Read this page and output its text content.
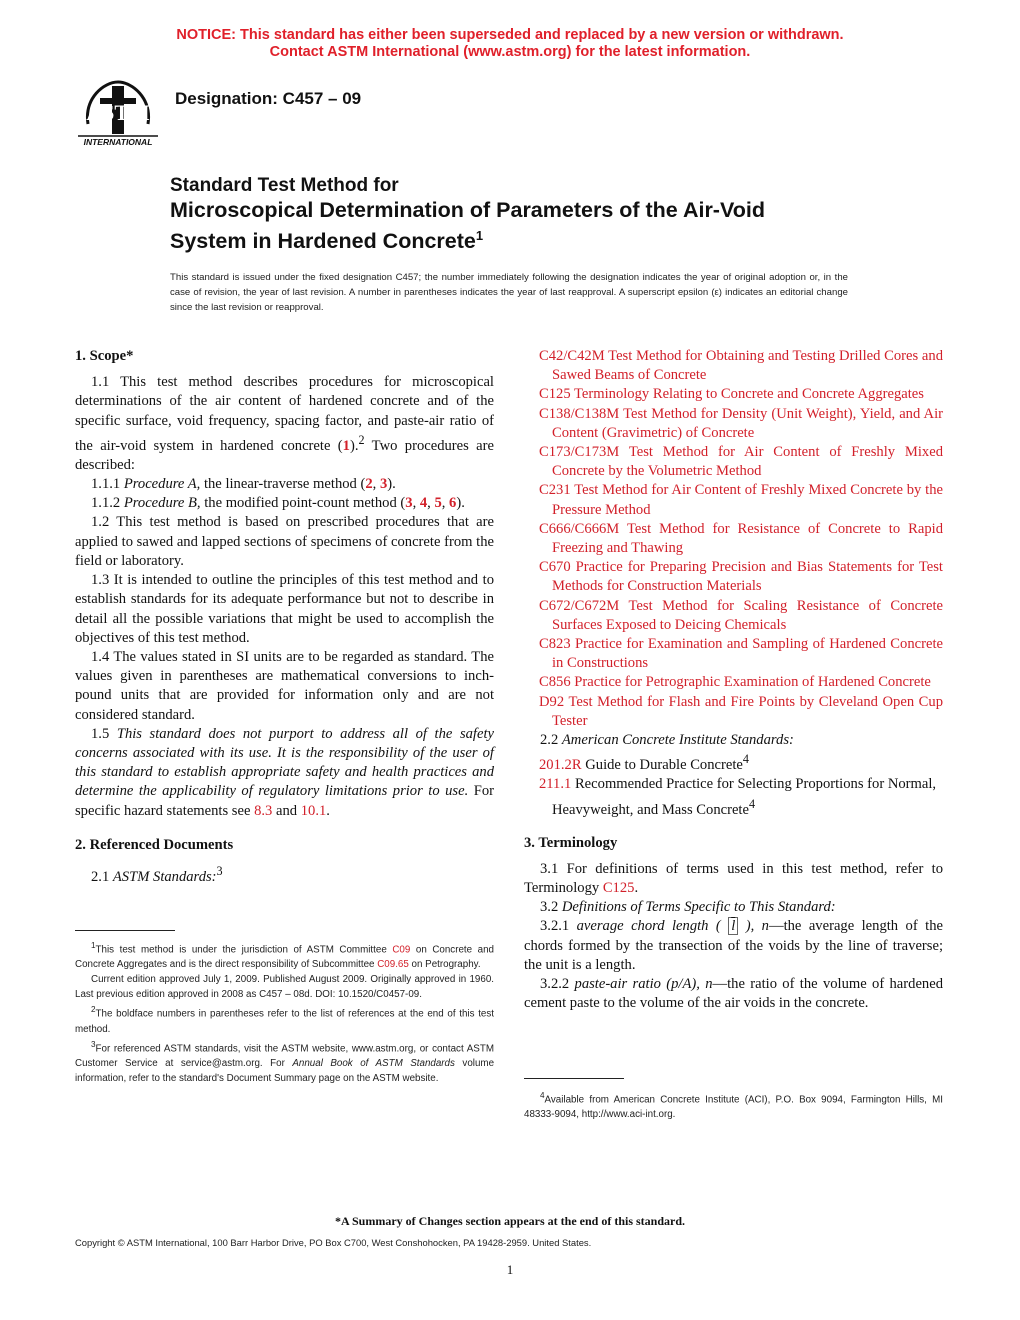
NOTICE: This standard has either been superseded and replaced by a new version or withdrawn.
Contact ASTM International (www.astm.org) for the latest information.
ASTM
INTERNATIONAL
Designation: C457 – 09
Standard Test Method for
Microscopical Determination of Parameters of the Air-Void
System in Hardened Concrete$^1$
This standard is issued under the fixed designation C457; the number immediately following the designation indicates the year of original adoption or, in the case of revision, the year of last revision. A number in parentheses indicates the year of last reapproval. A superscript epsilon (ε) indicates an editorial change since the last revision or reapproval.

1. Scope*

1.1 This test method describes procedures for microscopical determinations of the air content of hardened concrete and of the specific surface, void frequency, spacing factor, and paste-air ratio of the air-void system in hardened concrete (1).$^2$ Two procedures are described:

1.1.1 Procedure A, the linear-traverse method (2, 3).

1.1.2 Procedure B, the modified point-count method (3, 4, 5, 6).

1.2 This test method is based on prescribed procedures that are applied to sawed and lapped sections of specimens of concrete from the field or laboratory.

1.3 It is intended to outline the principles of this test method and to establish standards for its adequate performance but not to describe in detail all the possible variations that might be used to accomplish the objectives of this test method.

1.4 The values stated in SI units are to be regarded as standard. The values given in parentheses are mathematical conversions to inch-pound units that are provided for information only and are not considered standard.

1.5 This standard does not purport to address all of the safety concerns associated with its use. It is the responsibility of the user of this standard to establish appropriate safety and health practices and determine the applicability of regulatory limitations prior to use. For specific hazard statements see 8.3 and 10.1.

2. Referenced Documents

2.1 ASTM Standards:$^3$

$^1$This test method is under the jurisdiction of ASTM Committee C09 on Concrete and Concrete Aggregates and is the direct responsibility of Subcommittee C09.65 on Petrography.

Current edition approved July 1, 2009. Published August 2009. Originally approved in 1960. Last previous edition approved in 2008 as C457 – 08d. DOI: 10.1520/C0457-09.

$^2$The boldface numbers in parentheses refer to the list of references at the end of this test method.

$^3$For referenced ASTM standards, visit the ASTM website, www.astm.org, or contact ASTM Customer Service at service@astm.org. For Annual Book of ASTM Standards volume information, refer to the standard's Document Summary page on the ASTM website.

C42/C42M Test Method for Obtaining and Testing Drilled Cores and Sawed Beams of Concrete

C125 Terminology Relating to Concrete and Concrete Aggregates

C138/C138M Test Method for Density (Unit Weight), Yield, and Air Content (Gravimetric) of Concrete

C173/C173M Test Method for Air Content of Freshly Mixed Concrete by the Volumetric Method

C231 Test Method for Air Content of Freshly Mixed Concrete by the Pressure Method

C666/C666M Test Method for Resistance of Concrete to Rapid Freezing and Thawing

C670 Practice for Preparing Precision and Bias Statements for Test Methods for Construction Materials

C672/C672M Test Method for Scaling Resistance of Concrete Surfaces Exposed to Deicing Chemicals

C823 Practice for Examination and Sampling of Hardened Concrete in Constructions

C856 Practice for Petrographic Examination of Hardened Concrete

D92 Test Method for Flash and Fire Points by Cleveland Open Cup Tester

2.2 American Concrete Institute Standards:

201.2R Guide to Durable Concrete$^4$

211.1 Recommended Practice for Selecting Proportions for Normal, Heavyweight, and Mass Concrete$^4$

3. Terminology

3.1 For definitions of terms used in this test method, refer to Terminology C125.

3.2 Definitions of Terms Specific to This Standard:

3.2.1 average chord length ( $\overline{l}$ ), n—the average length of the chords formed by the transection of the voids by the line of traverse; the unit is a length.

3.2.2 paste-air ratio (p/A), n—the ratio of the volume of hardened cement paste to the volume of the air voids in the concrete.

$^4$Available from American Concrete Institute (ACI), P.O. Box 9094, Farmington Hills, MI 48333-9094, http://www.aci-int.org.

*A Summary of Changes section appears at the end of this standard.
Copyright © ASTM International, 100 Barr Harbor Drive, PO Box C700, West Conshohocken, PA 19428-2959. United States.
1
